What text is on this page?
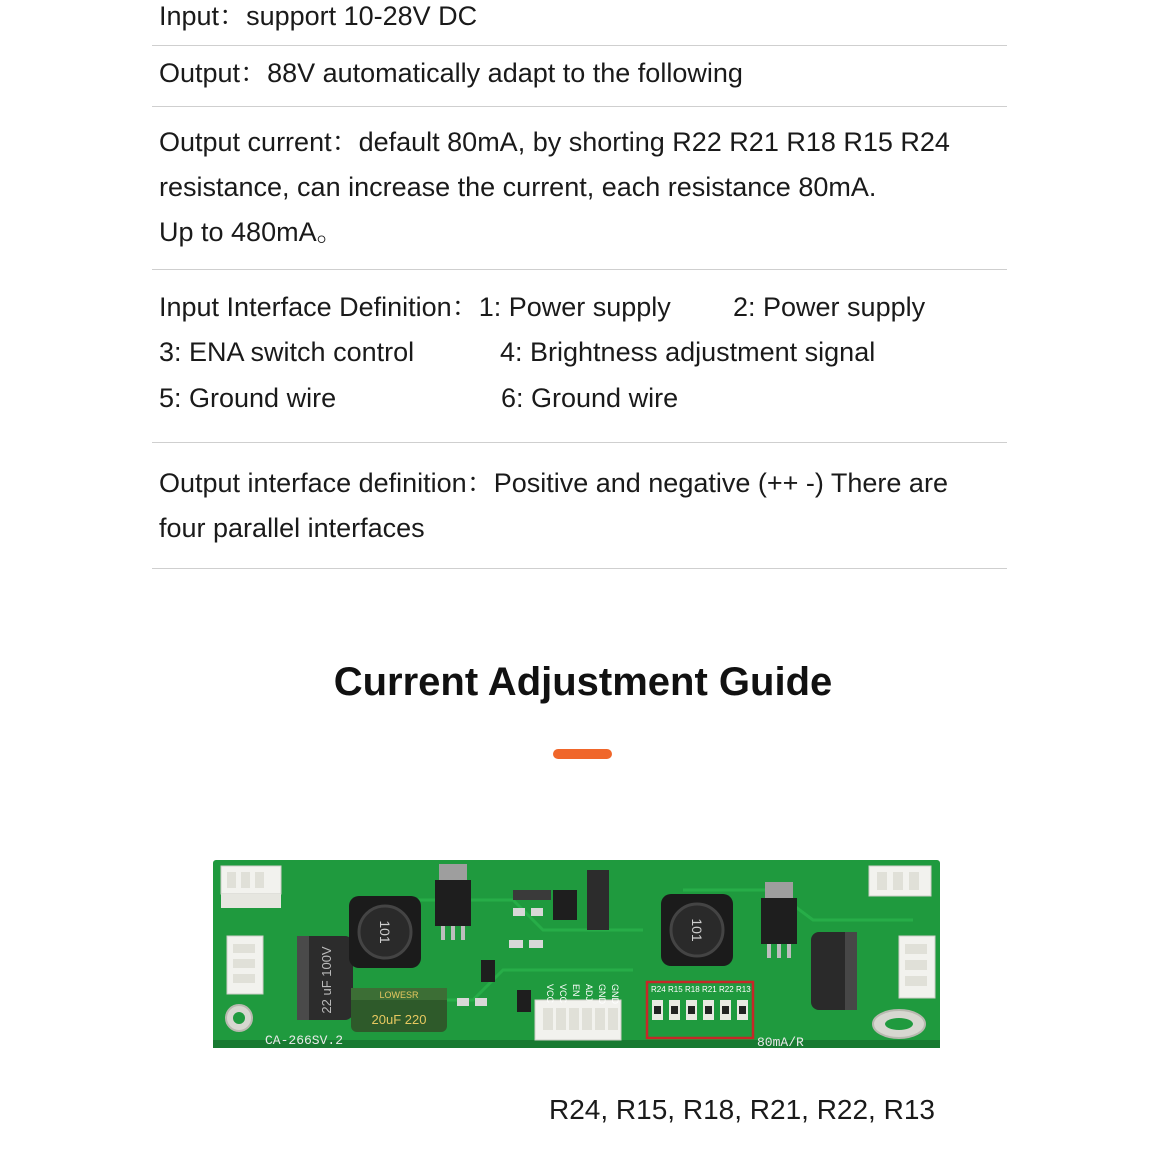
Input：support 10-28V DC
Output：88V automatically adapt to the following
Output current：default 80mA, by shorting R22 R21 R18 R15 R24
resistance, can increase the current, each resistance 80mA.
Up to 480mA。
Input Interface Definition：1: Power supply 2: Power supply
3: ENA switch control	4: Brightness adjustment signal
5: Ground wire	6: Ground wire
Output interface definition：Positive and negative (++ -) There are
four parallel interfaces
Current Adjustment Guide
22 uF 100V
101
LOWESR
20uF 220
VCC VCC EN ADJ GND GND
101
R24 R15 R18 R21 R22 R13
CA-266SV.2	80mA/R
R24, R15, R18, R21, R22, R13
